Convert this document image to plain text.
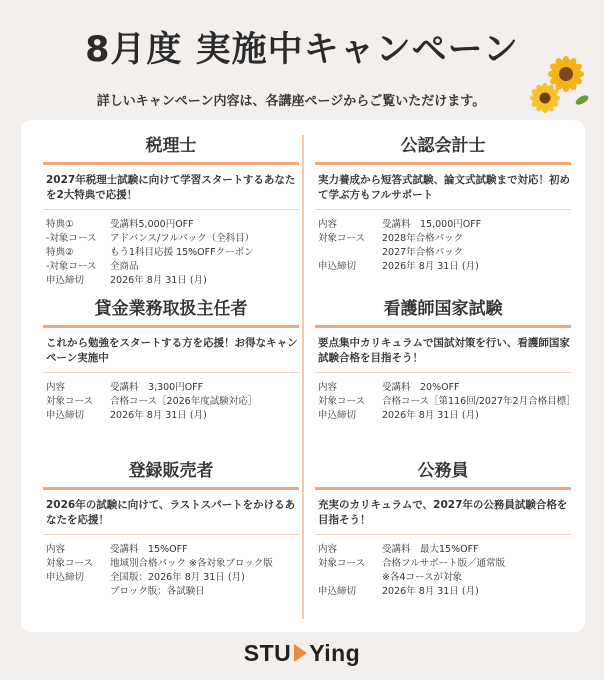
8月度 実施中キャンペーン
詳しいキャンペーン内容は、各講座ページからご覧いただけます。
税理士
2027年税理士試験に向けて学習スタートするあなたを2大特典で応援！
特典①	受講料5,000円OFF
-対象コース	アドバンス/フルパック（全科目）
特典②	もう1科目応援 15%OFFクーポン
-対象コース	全商品
申込締切	2026年 8月 31日 (月)
公認会計士
実力養成から短答式試験、論文式試験まで対応！初めて学ぶ方もフルサポート
内容	受講料　15,000円OFF
対象コース	2028年合格パック
2027年合格パック
申込締切	2026年 8月 31日 (月)
貸金業務取扱主任者
これから勉強をスタートする方を応援！お得なキャンペーン実施中
内容	受講料　3,300円OFF
対象コース	合格コース［2026年度試験対応］
申込締切	2026年 8月 31日 (月)
看護師国家試験
要点集中カリキュラムで国試対策を行い、看護師国家試験合格を目指そう！
内容	受講料　20%OFF
対象コース	合格コース［第116回/2027年2月合格目標］
申込締切	2026年 8月 31日 (月)
登録販売者
2026年の試験に向けて、ラストスパートをかけるあなたを応援！
内容	受講料　15%OFF
対象コース	地域別合格パック ※各対象ブロック版
申込締切	全国版：2026年 8月 31日 (月)
ブロック版：各試験日
公務員
充実のカリキュラムで、2027年の公務員試験合格を目指そう！
内容	受講料　最大15%OFF
対象コース	合格フルサポート版／通常版
※各4コースが対象
申込締切	2026年 8月 31日 (月)
STU Ying
